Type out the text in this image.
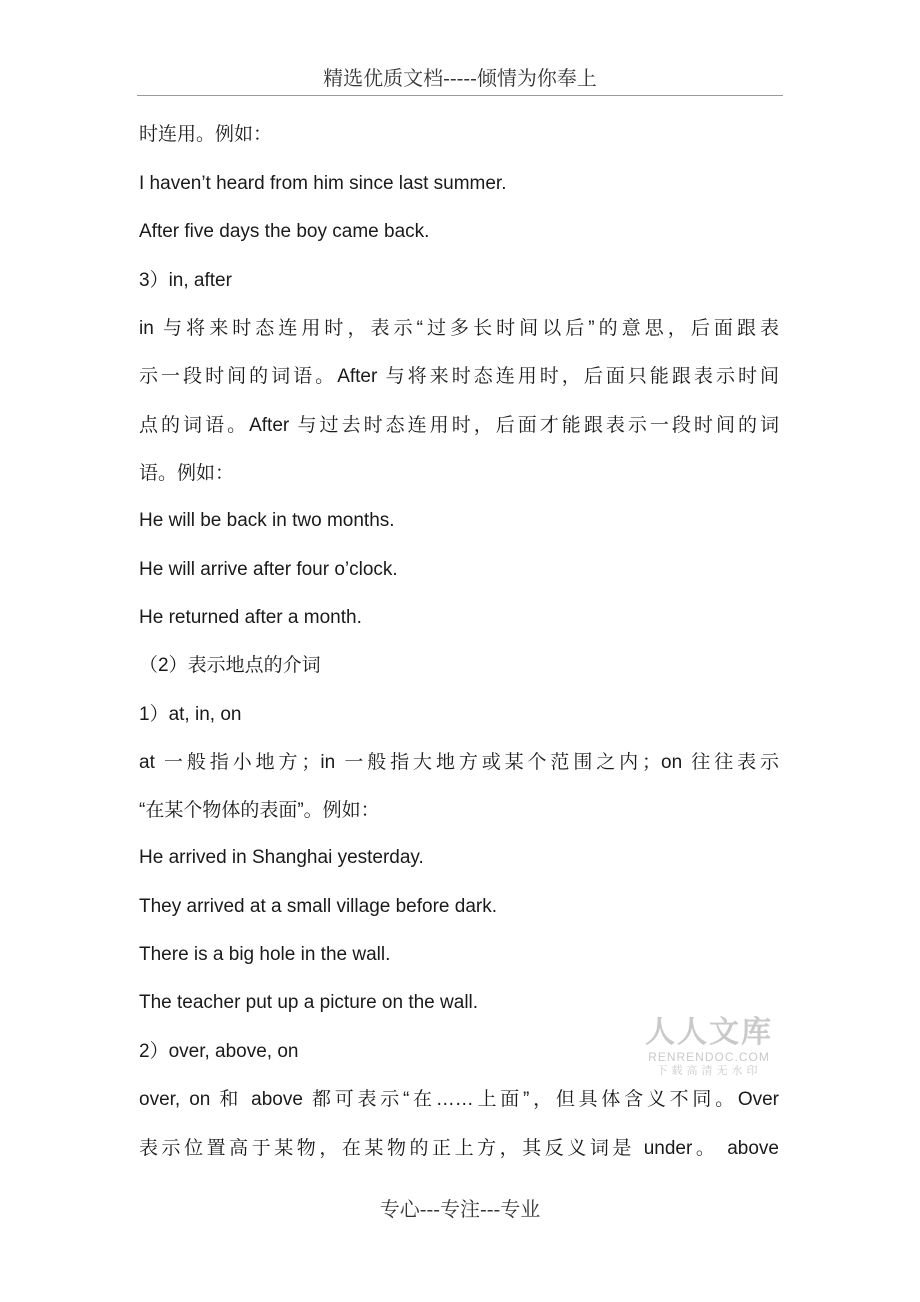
精选优质文档-----倾情为你奉上
时连用。例如：
I haven’t heard from him since last summer.
After five days the boy came back.
3）in, after
in 与将来时态连用时，表示“过多长时间以后”的意思，后面跟表
示一段时间的词语。After 与将来时态连用时，后面只能跟表示时间
点的词语。After 与过去时态连用时，后面才能跟表示一段时间的词
语。例如：
He will be back in two months.
He will arrive after four o’clock.
He returned after a month.
（2）表示地点的介词
1）at, in, on
at 一般指小地方；in 一般指大地方或某个范围之内；on 往往表示
“在某个物体的表面”。例如：
He arrived in Shanghai yesterday.
They arrived at a small village before dark.
There is a big hole in the wall.
The teacher put up a picture on the wall.
2）over, above, on
over, on 和 above 都可表示“在……上面”，但具体含义不同。Over
表示位置高于某物，在某物的正上方，其反义词是 under。 above
人人文库
RENRENDOC.COM
下载高清无水印
专心---专注---专业
